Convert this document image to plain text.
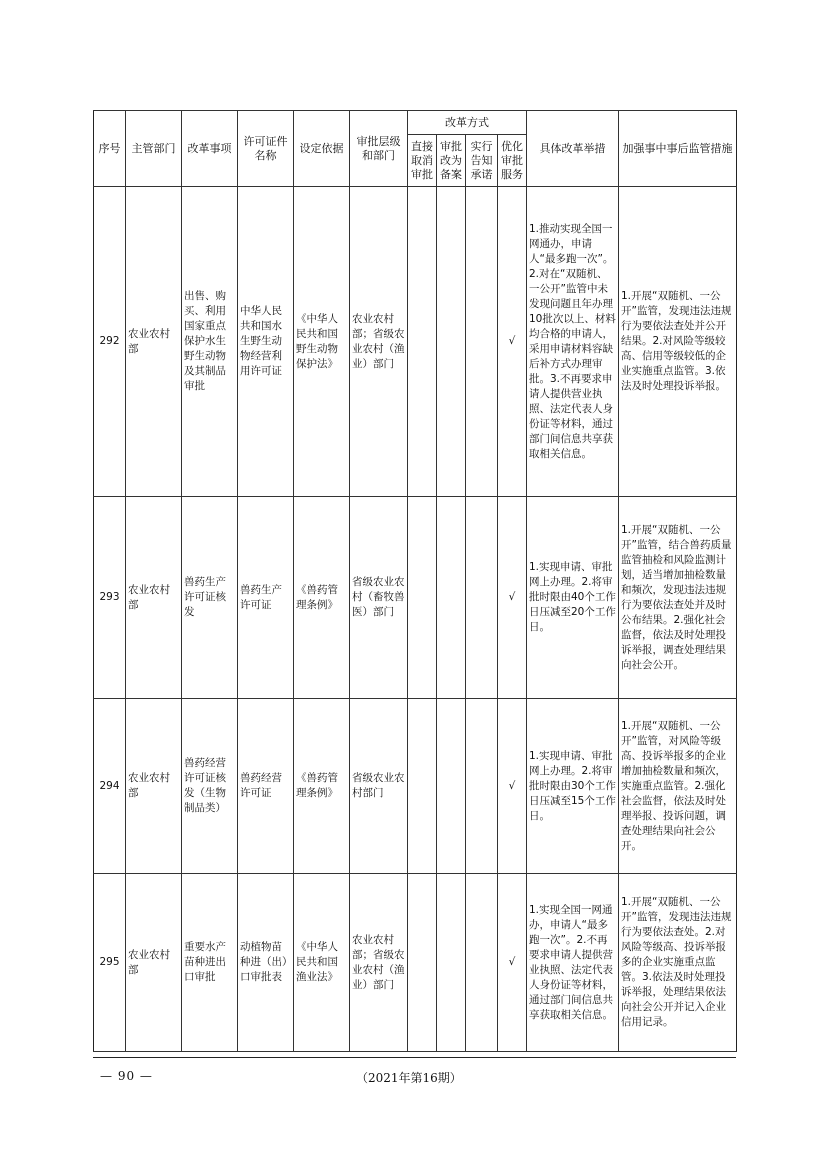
序号	主管部门	改革事项	许可证件名称	设定依据	审批层级和部门	改革方式				具体改革举措	加强事中事后监管措施
						直接取消审批	审批改为备案	实行告知承诺	优化审批服务		
292	农业农村部	出售、购买、利用国家重点保护水生野生动物及其制品审批	中华人民共和国水生野生动物经营利用许可证	《中华人民共和国野生动物保护法》	农业农村部；省级农业农村（渔业）部门				√	1.推动实现全国一网通办，申请人“最多跑一次”。2.对在“双随机、一公开”监管中未发现问题且年办理10批次以上、材料均合格的申请人，采用申请材料容缺后补方式办理审批。3.不再要求申请人提供营业执照、法定代表人身份证等材料，通过部门间信息共享获取相关信息。	1.开展“双随机、一公开”监管，发现违法违规行为要依法查处并公开结果。2.对风险等级较高、信用等级较低的企业实施重点监管。3.依法及时处理投诉举报。
293	农业农村部	兽药生产许可证核发	兽药生产许可证	《兽药管理条例》	省级农业农村（畜牧兽医）部门				√	1.实现申请、审批网上办理。2.将审批时限由40个工作日压减至20个工作日。	1.开展“双随机、一公开”监管，结合兽药质量监管抽检和风险监测计划，适当增加抽检数量和频次，发现违法违规行为要依法查处并及时公布结果。2.强化社会监督，依法及时处理投诉举报，调查处理结果向社会公开。
294	农业农村部	兽药经营许可证核发（生物制品类）	兽药经营许可证	《兽药管理条例》	省级农业农村部门				√	1.实现申请、审批网上办理。2.将审批时限由30个工作日压减至15个工作日。	1.开展“双随机、一公开”监管，对风险等级高、投诉举报多的企业增加抽检数量和频次，实施重点监管。2.强化社会监督，依法及时处理举报、投诉问题，调查处理结果向社会公开。
295	农业农村部	重要水产苗种进出口审批	动植物苗种进（出）口审批表	《中华人民共和国渔业法》	农业农村部；省级农业农村（渔业）部门				√	1.实现全国一网通办，申请人“最多跑一次”。2.不再要求申请人提供营业执照、法定代表人身份证等材料，通过部门间信息共享获取相关信息。	1.开展“双随机、一公开”监管，发现违法违规行为要依法查处。2.对风险等级高、投诉举报多的企业实施重点监管。3.依法及时处理投诉举报，处理结果依法向社会公开并记入企业信用记录。
— 90 —	（2021年第16期）
